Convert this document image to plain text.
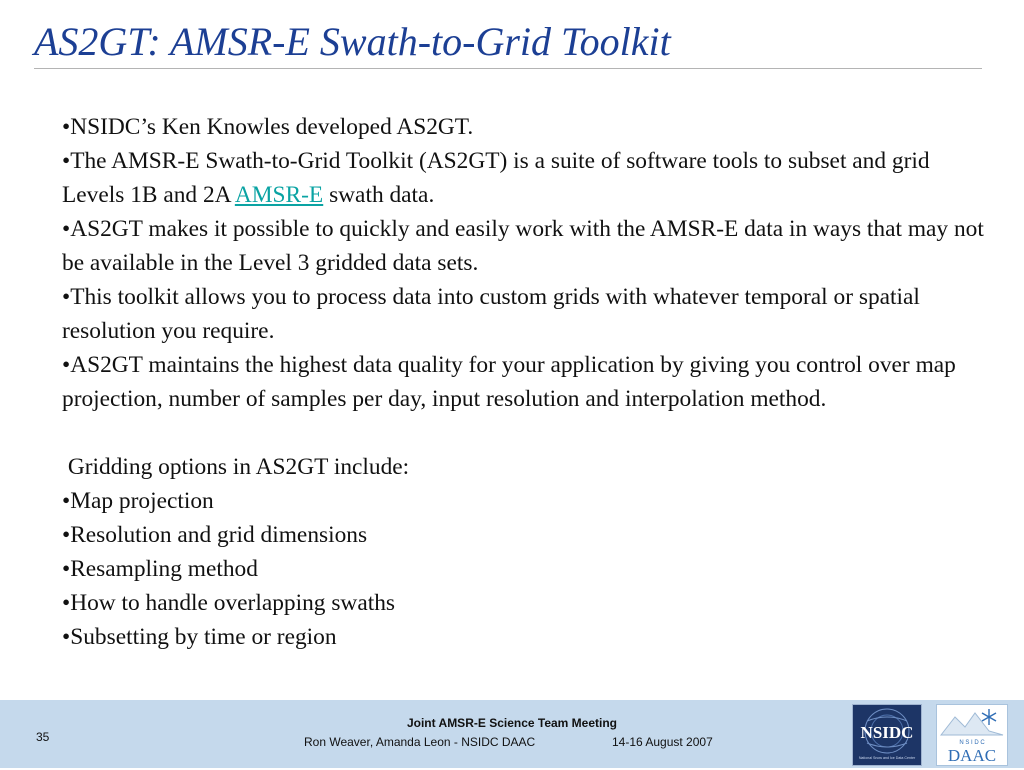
AS2GT: AMSR-E Swath-to-Grid Toolkit

•NSIDC’s Ken Knowles developed AS2GT.

•The AMSR-E Swath-to-Grid Toolkit (AS2GT) is a suite of software tools to subset and grid Levels 1B and 2A AMSR-E swath data.

•AS2GT makes it possible to quickly and easily work with the AMSR-E data in ways that may not be available in the Level 3 gridded data sets.

•This toolkit allows you to process data into custom grids with whatever temporal or spatial resolution you require.

•AS2GT maintains the highest data quality for your application by giving you control over map projection, number of samples per day, input resolution and interpolation method.

Gridding options in AS2GT include:

•Map projection

•Resolution and grid dimensions

•Resampling method

•How to handle overlapping swaths

•Subsetting by time or region

35
Joint AMSR-E Science Team Meeting
Ron Weaver, Amanda Leon - NSIDC DAAC	14-16 August 2007	NSIDC
National Snow and Ice Data Center
N S I D C
DAAC
